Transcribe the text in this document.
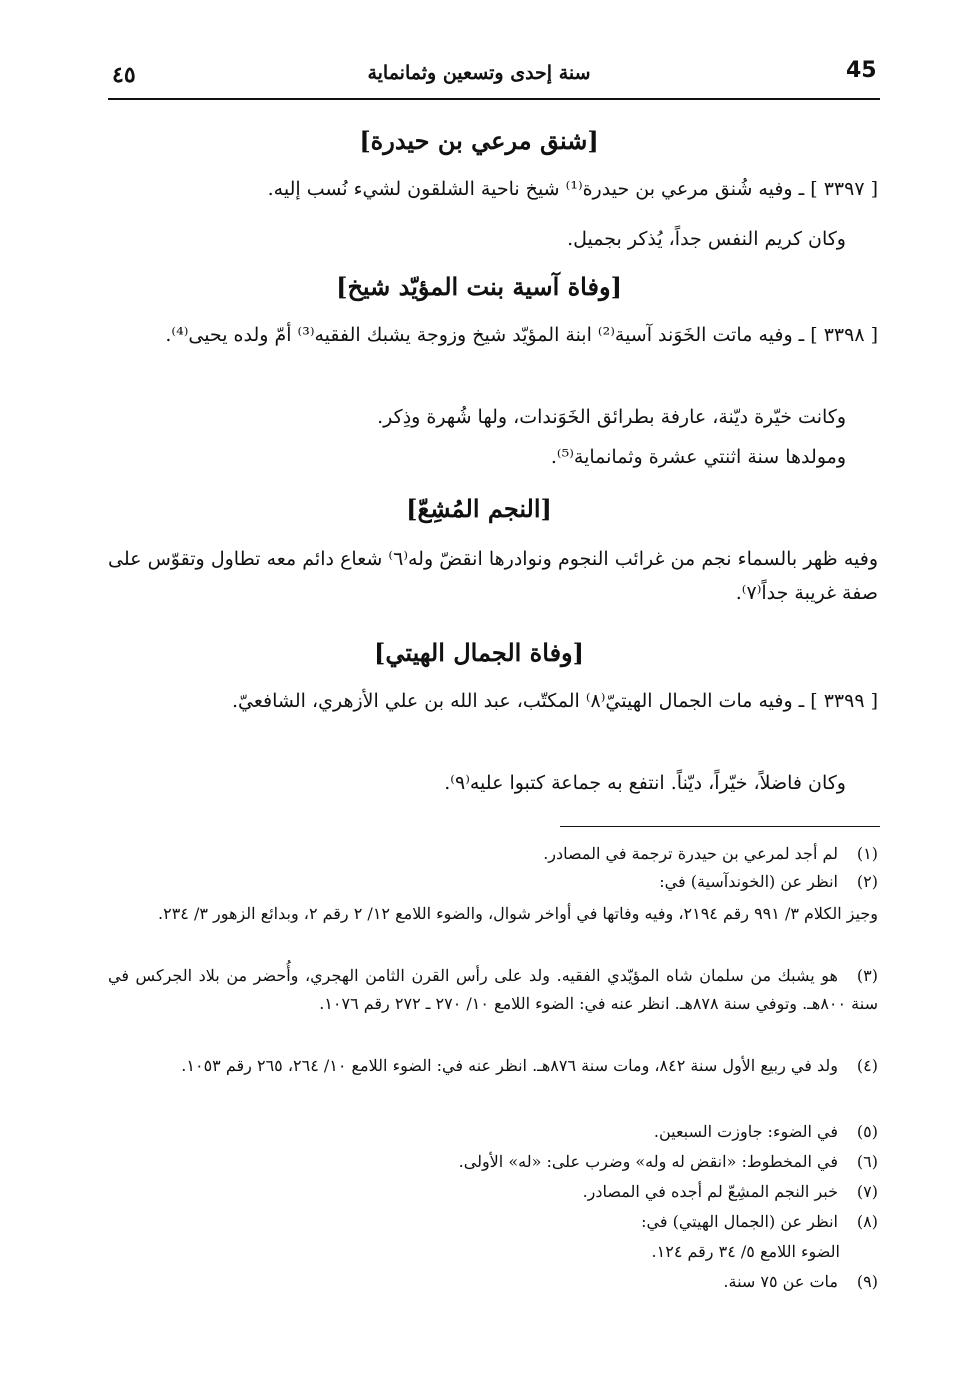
45
سنة إحدى وتسعين وثمانماية
٤٥
[شنق مرعي بن حيدرة]
[ ٣٣٩٧ ] ـ وفيه شُنق مرعي بن حيدرة⁽¹⁾ شيخ ناحية الشلقون لشيء نُسب إليه.
وكان كريم النفس جداً، يُذكر بجميل.
[وفاة آسية بنت المؤيّد شيخ]
[ ٣٣٩٨ ] ـ وفيه ماتت الخَوَند آسية⁽²⁾ ابنة المؤيّد شيخ وزوجة يشبك الفقيه⁽³⁾ أمّ ولده يحيى⁽⁴⁾.
وكانت خيّرة ديّنة، عارفة بطرائق الخَوَندات، ولها شُهرة وذِكر.
ومولدها سنة اثنتي عشرة وثمانماية⁽⁵⁾.
[النجم المُشِعّ]
وفيه ظهر بالسماء نجم من غرائب النجوم ونوادرها انقضّ وله⁽٦⁾ شعاع دائم معه تطاول وتقوّس على صفة غريبة جداً⁽٧⁾.
[وفاة الجمال الهيتي]
[ ٣٣٩٩ ] ـ وفيه مات الجمال الهيتيّ⁽٨⁾ المكتّب، عبد الله بن علي الأزهري، الشافعيّ.
وكان فاضلاً، خيّراً، ديّناً. انتفع به جماعة كتبوا عليه⁽٩⁾.
(١)لم أجد لمرعي بن حيدرة ترجمة في المصادر.
(٢)انظر عن (الخوندآسية) في:
وجيز الكلام ٣/ ٩٩١ رقم ٢١٩٤، وفيه وفاتها في أواخر شوال، والضوء اللامع ١٢/ ٢ رقم ٢، وبدائع الزهور ٣/ ٢٣٤.
(٣)هو يشبك من سلمان شاه المؤيّدي الفقيه. ولد على رأس القرن الثامن الهجري، وأُحضر من بلاد الجركس في سنة ٨٠٠هـ. وتوفي سنة ٨٧٨هـ. انظر عنه في: الضوء اللامع ١٠/ ٢٧٠ ـ ٢٧٢ رقم ١٠٧٦.
(٤)ولد في ربيع الأول سنة ٨٤٢، ومات سنة ٨٧٦هـ. انظر عنه في: الضوء اللامع ١٠/ ٢٦٤، ٢٦٥ رقم ١٠٥٣.
(٥)في الضوء: جاوزت السبعين.
(٦)في المخطوط: «انقض له وله» وضرب على: «له» الأولى.
(٧)خبر النجم المشِعّ لم أجده في المصادر.
(٨)انظر عن (الجمال الهيتي) في:
الضوء اللامع ٥/ ٣٤ رقم ١٢٤.
(٩)مات عن ٧٥ سنة.
